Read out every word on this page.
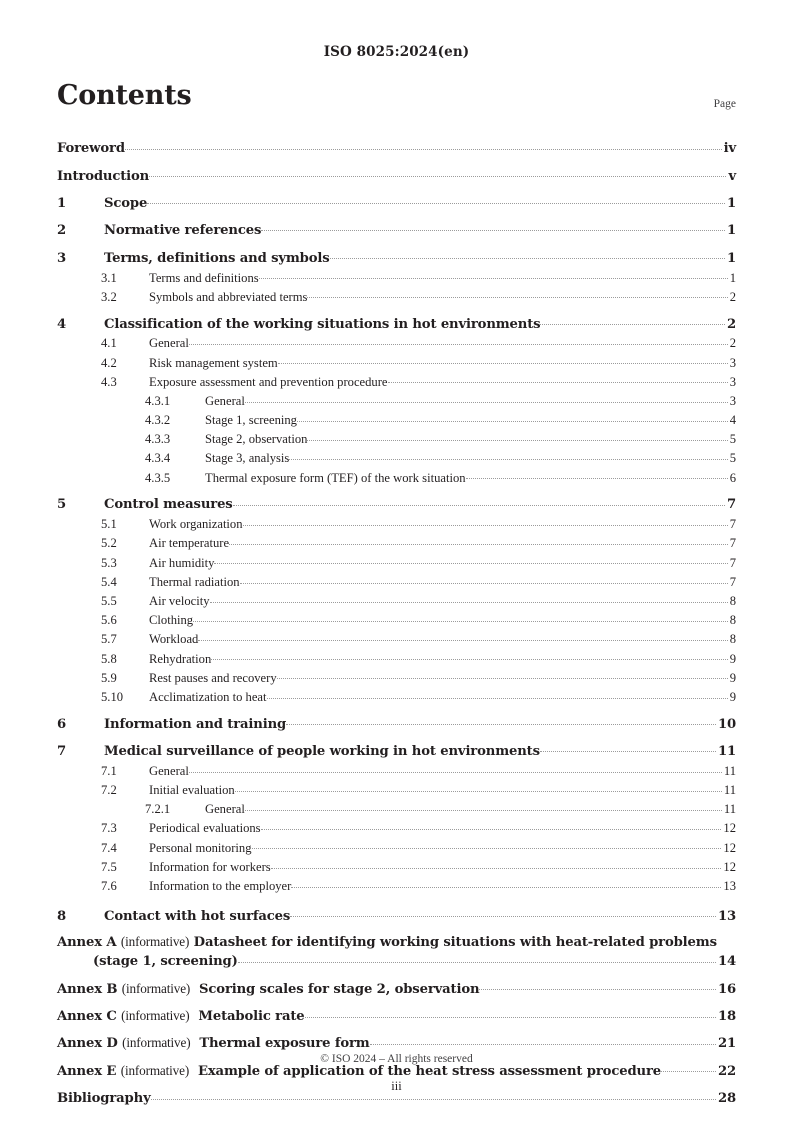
ISO 8025:2024(en)
Contents	Page
Foreword	iv
Introduction	v
1	Scope	1
2	Normative references	1
3	Terms, definitions and symbols	1
3.1	Terms and definitions	1
3.2	Symbols and abbreviated terms	2
4	Classification of the working situations in hot environments	2
4.1	General	2
4.2	Risk management system	3
4.3	Exposure assessment and prevention procedure	3
4.3.1	General	3
4.3.2	Stage 1, screening	4
4.3.3	Stage 2, observation	5
4.3.4	Stage 3, analysis	5
4.3.5	Thermal exposure form (TEF) of the work situation	6
5	Control measures	7
5.1	Work organization	7
5.2	Air temperature	7
5.3	Air humidity	7
5.4	Thermal radiation	7
5.5	Air velocity	8
5.6	Clothing	8
5.7	Workload	8
5.8	Rehydration	9
5.9	Rest pauses and recovery	9
5.10	Acclimatization to heat	9
6	Information and training	10
7	Medical surveillance of people working in hot environments	11
7.1	General	11
7.2	Initial evaluation	11
7.2.1	General	11
7.3	Periodical evaluations	12
7.4	Personal monitoring	12
7.5	Information for workers	12
7.6	Information to the employer	13
8	Contact with hot surfaces	13
Annex A (informative) Datasheet for identifying working situations with heat-related problems
(stage 1, screening)	14
Annex B (informative) Scoring scales for stage 2, observation	16
Annex C (informative) Metabolic rate	18
Annex D (informative) Thermal exposure form	21
Annex E (informative) Example of application of the heat stress assessment procedure	22
Bibliography	28
© ISO 2024 – All rights reserved
iii
